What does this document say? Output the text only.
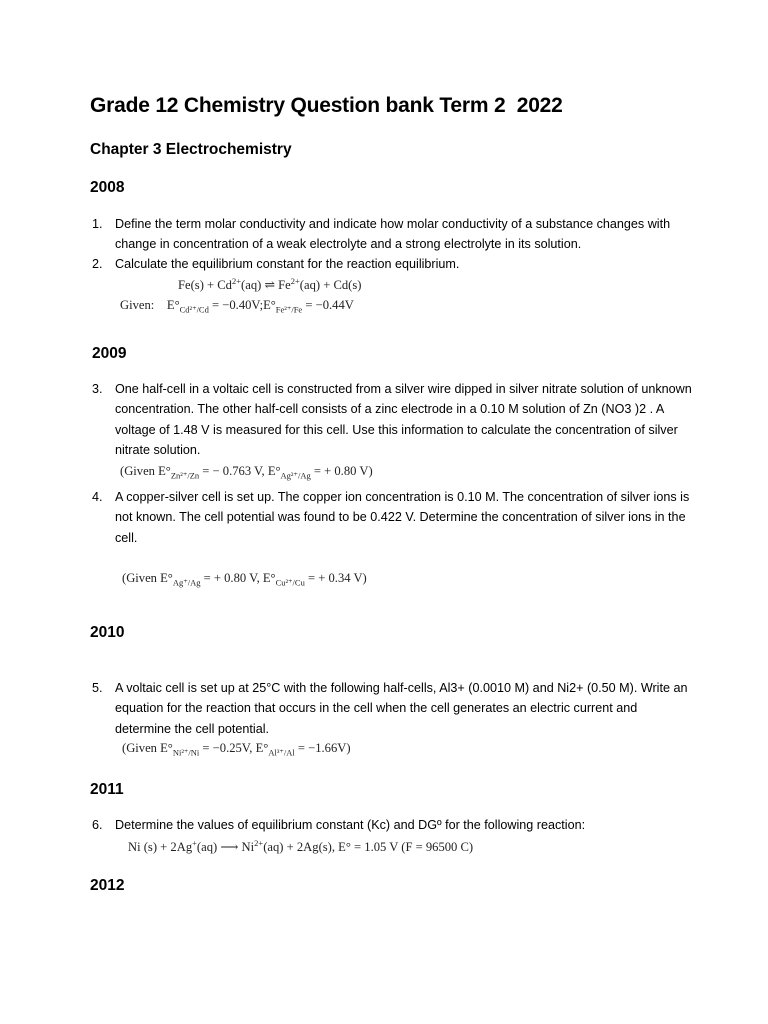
Grade 12 Chemistry Question bank Term 2  2022
Chapter 3 Electrochemistry
2008
1. Define the term molar conductivity and indicate how molar conductivity of a substance changes with change in concentration of a weak electrolyte and a strong electrolyte in its solution.
2. Calculate the equilibrium constant for the reaction equilibrium.
$Fe(s) + Cd^{2+}(aq)$ ⇌ $Fe^{2+}(aq) + Cd(s)$
Given: $E^\circ_{Cd^{2+}/Cd}$ = $-0.40V;E^\circ_{Fe^{2+}/Fe} = -0.44V$
2009
3. One half-cell in a voltaic cell is constructed from a silver wire dipped in silver nitrate solution of unknown concentration. The other half-cell consists of a zinc electrode in a 0.10 M solution of Zn (NO3 )2 . A voltage of 1.48 V is measured for this cell. Use this information to calculate the concentration of silver nitrate solution.
(Given $E^\circ_{Zn^{2+}/Zn}$ = − 0.763 V, $E^\circ_{Ag^{2+}/Ag}$ = + 0.80 V)
4. A copper-silver cell is set up. The copper ion concentration is 0.10 M. The concentration of silver ions is not known. The cell potential was found to be 0.422 V. Determine the concentration of silver ions in the cell.
(Given $E^\circ_{Ag^+/Ag}$ = + 0.80 V, $E^\circ_{Cu^{2+}/Cu}$ = + 0.34 V)
2010
5. A voltaic cell is set up at 25°C with the following half-cells, Al3+ (0.0010 M) and Ni2+ (0.50 M). Write an equation for the reaction that occurs in the cell when the cell generates an electric current and determine the cell potential.
(Given $E^\circ_{Ni^{2+}/Ni} = -0.25V$, $E^\circ_{Al^{3+}/Al} = -1.66V$)
2011
6. Determine the values of equilibrium constant (Kc) and DGº for the following reaction:
Ni (s) + 2Ag+(aq) ⟶ $Ni^{2+}(aq) + 2Ag(s)$, E° = 1.05 V (F = 96500 C)
2012
